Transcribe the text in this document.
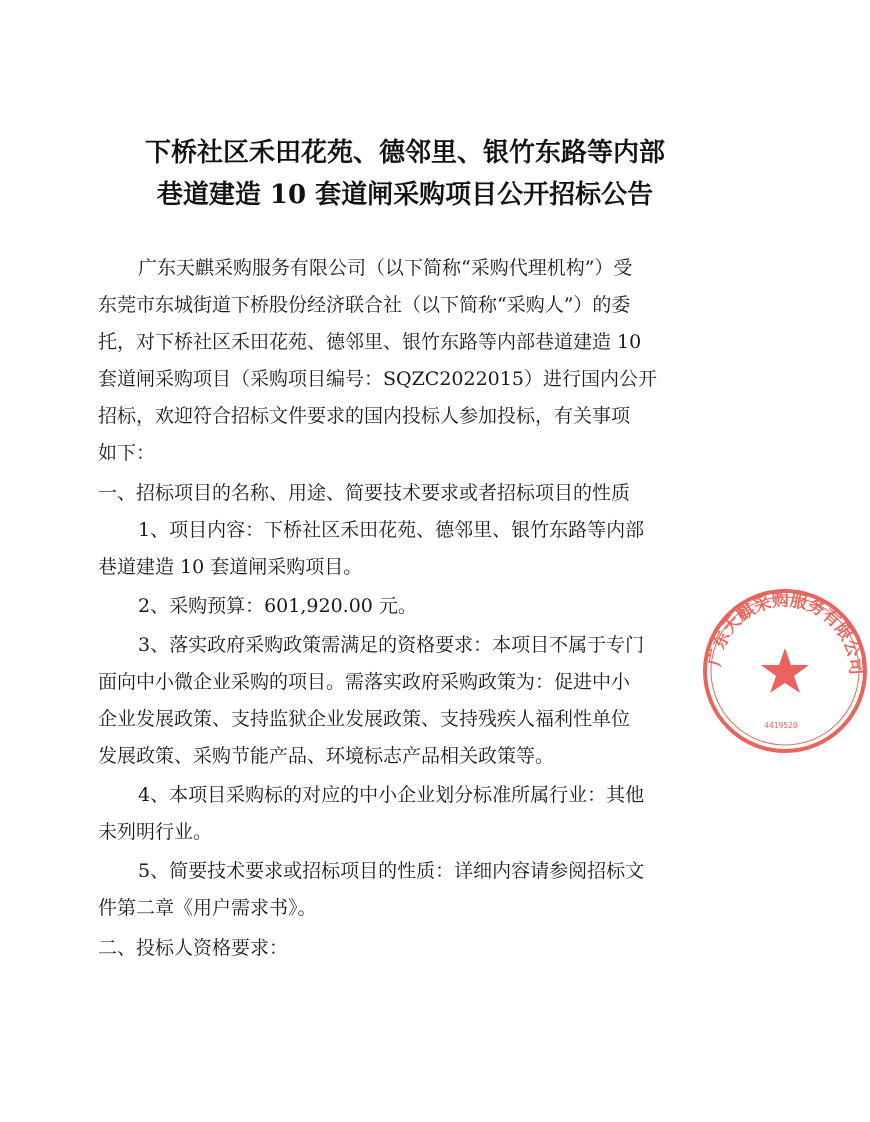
下桥社区禾田花苑、德邻里、银竹东路等内部
巷道建造 10 套道闸采购项目公开招标公告
广东天麒采购服务有限公司（以下简称“采购代理机构”）受
东莞市东城街道下桥股份经济联合社（以下简称“采购人”）的委
托，对下桥社区禾田花苑、德邻里、银竹东路等内部巷道建造 10
套道闸采购项目（采购项目编号：SQZC2022015）进行国内公开
招标，欢迎符合招标文件要求的国内投标人参加投标，有关事项
如下：
一、招标项目的名称、用途、简要技术要求或者招标项目的性质
1、项目内容：下桥社区禾田花苑、德邻里、银竹东路等内部
巷道建造 10 套道闸采购项目。
2、采购预算：601,920.00 元。
3、落实政府采购政策需满足的资格要求：本项目不属于专门
面向中小微企业采购的项目。需落实政府采购政策为：促进中小
企业发展政策、支持监狱企业发展政策、支持残疾人福利性单位
发展政策、采购节能产品、环境标志产品相关政策等。
4、本项目采购标的对应的中小企业划分标准所属行业：其他
未列明行业。
5、简要技术要求或招标项目的性质：详细内容请参阅招标文
件第二章《用户需求书》。
二、投标人资格要求：
广东天麒采购服务有限公司
4419520
